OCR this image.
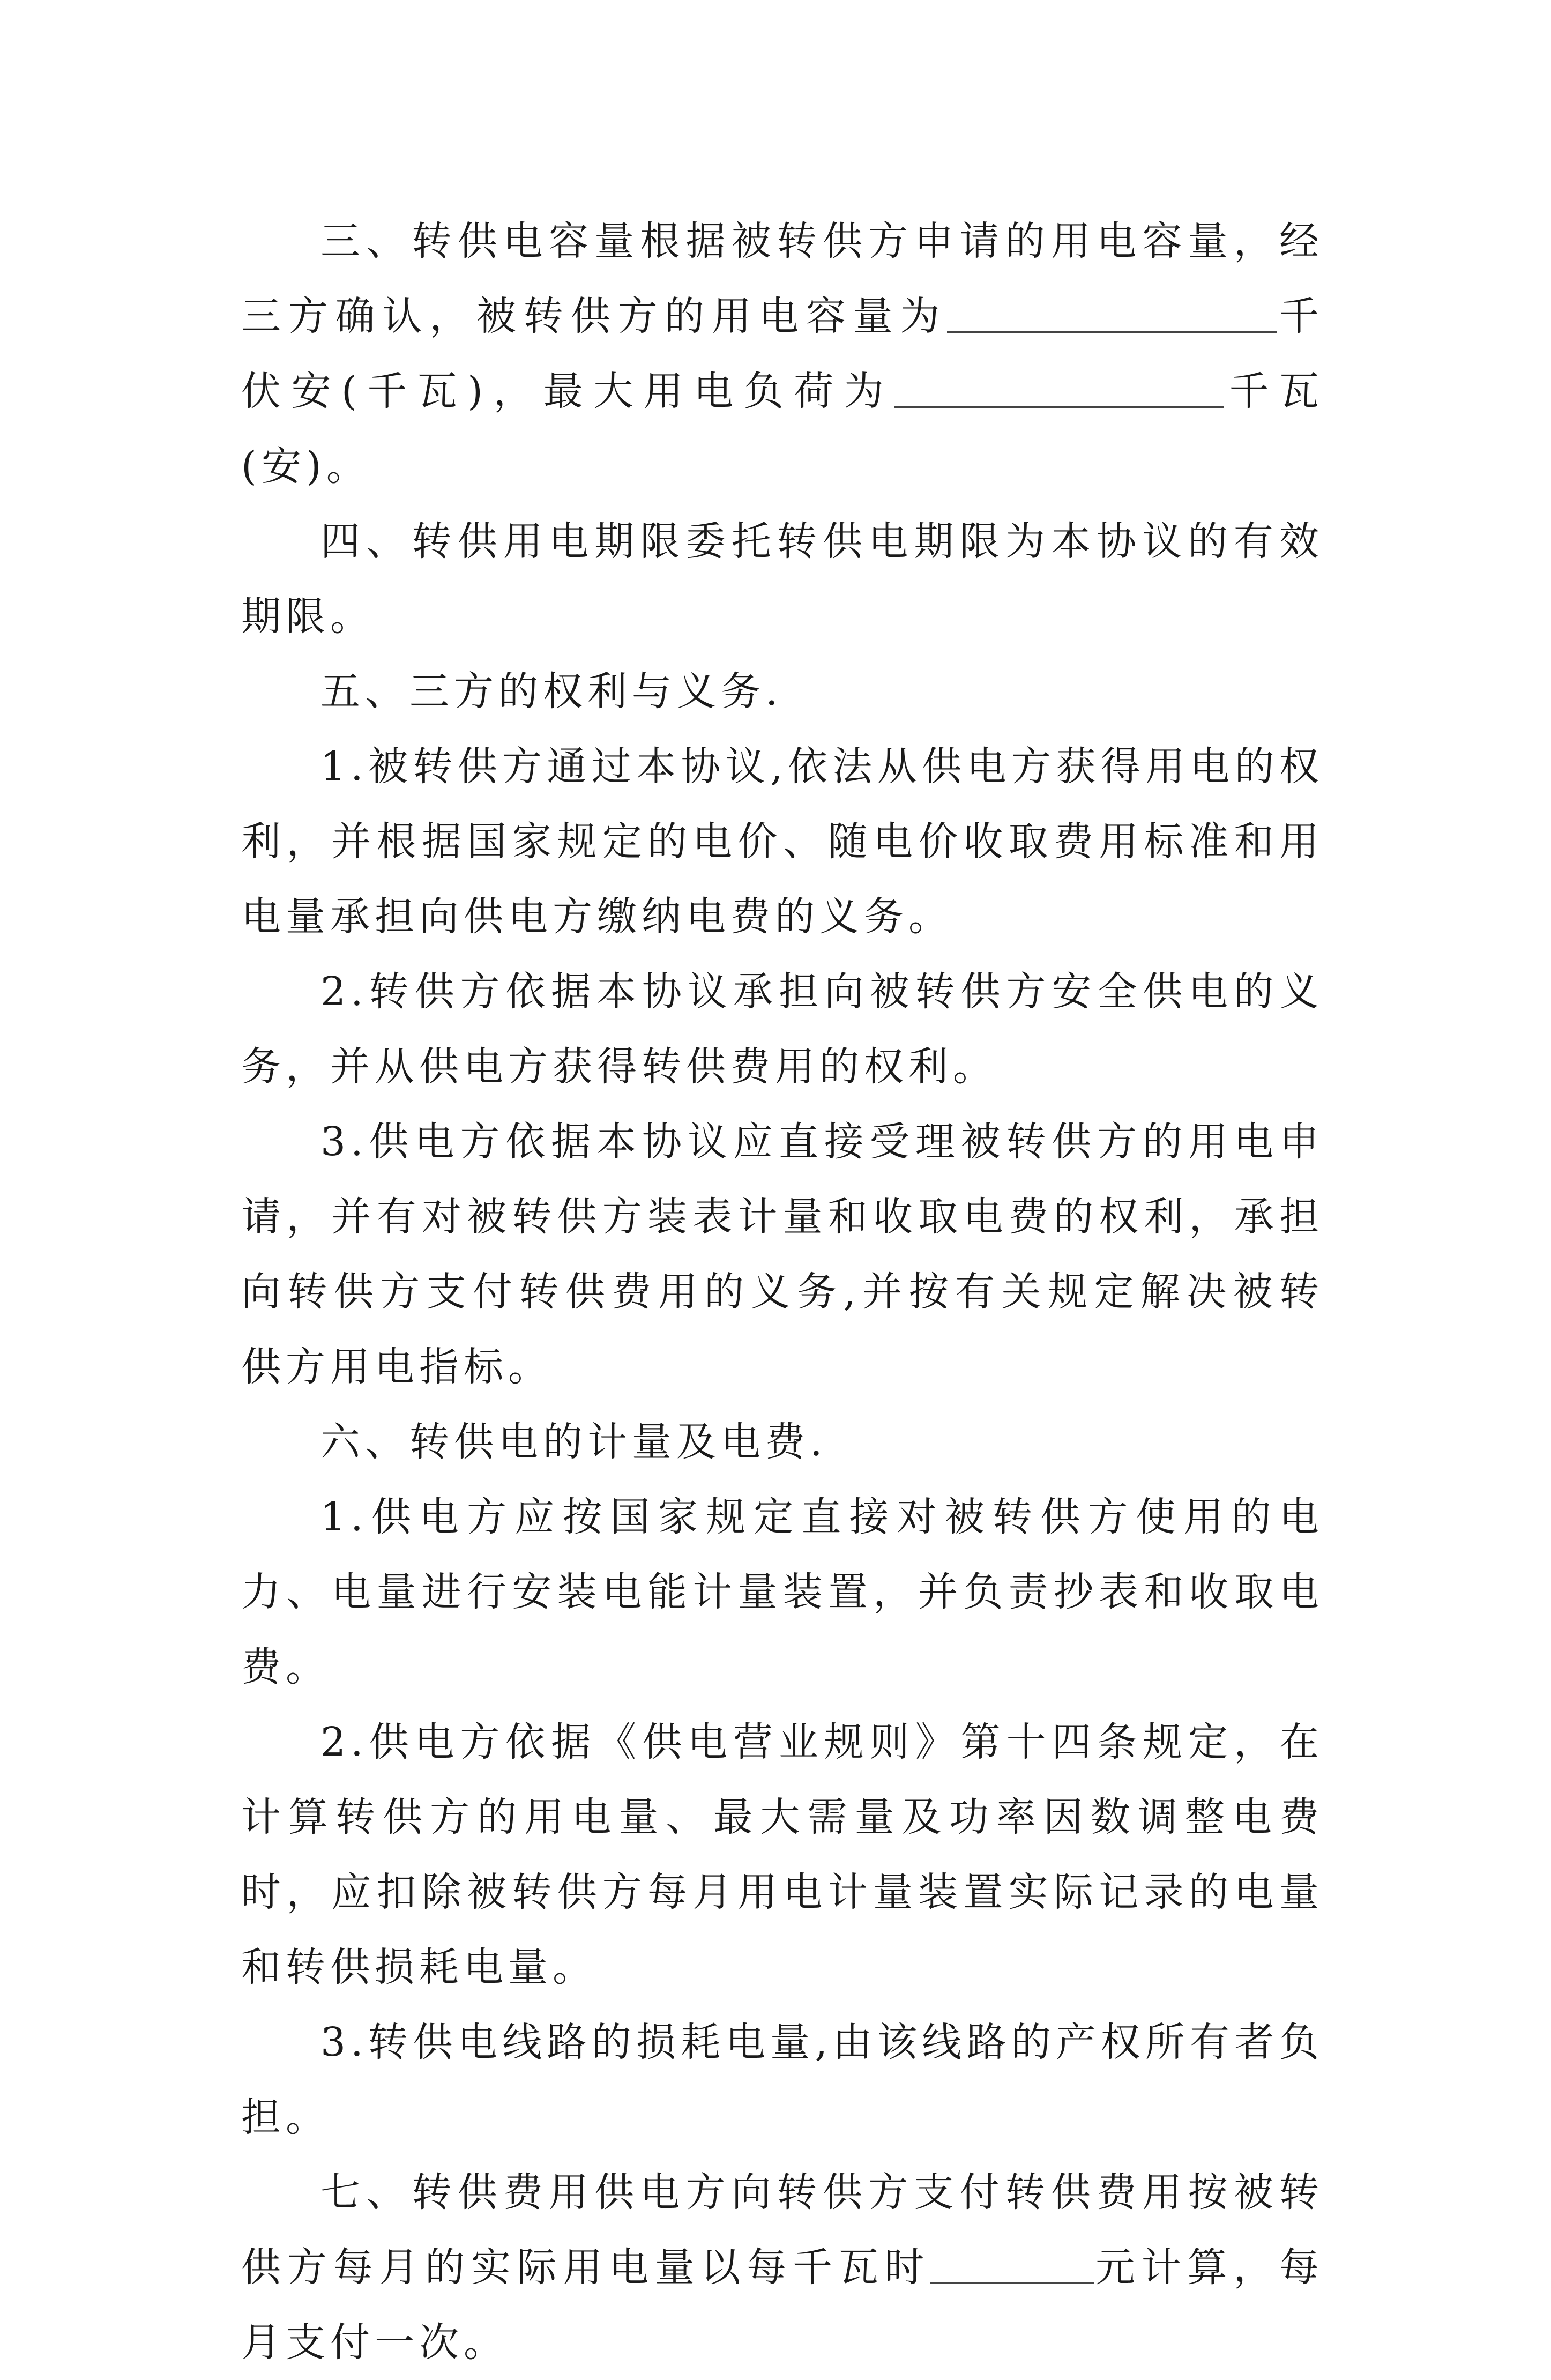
三、转供电容量根据被转供方申请的用电容量，经三方确认，被转供方的用电容量为	千伏安(千瓦)，最大用电负荷为	千瓦(安)。

四、转供用电期限委托转供电期限为本协议的有效期限。

五、三方的权利与义务.

1.被转供方通过本协议,依法从供电方获得用电的权利，并根据国家规定的电价、随电价收取费用标准和用电量承担向供电方缴纳电费的义务。

2.转供方依据本协议承担向被转供方安全供电的义务，并从供电方获得转供费用的权利。

3.供电方依据本协议应直接受理被转供方的用电申请，并有对被转供方装表计量和收取电费的权利，承担向转供方支付转供费用的义务,并按有关规定解决被转供方用电指标。

六、转供电的计量及电费.

1.供电方应按国家规定直接对被转供方使用的电力、电量进行安装电能计量装置，并负责抄表和收取电费。

2.供电方依据《供电营业规则》第十四条规定，在计算转供方的用电量、最大需量及功率因数调整电费时，应扣除被转供方每月用电计量装置实际记录的电量和转供损耗电量。

3.转供电线路的损耗电量,由该线路的产权所有者负担。

七、转供费用供电方向转供方支付转供费用按被转供方每月的实际用电量以每千瓦时	元计算，每月支付一次。
